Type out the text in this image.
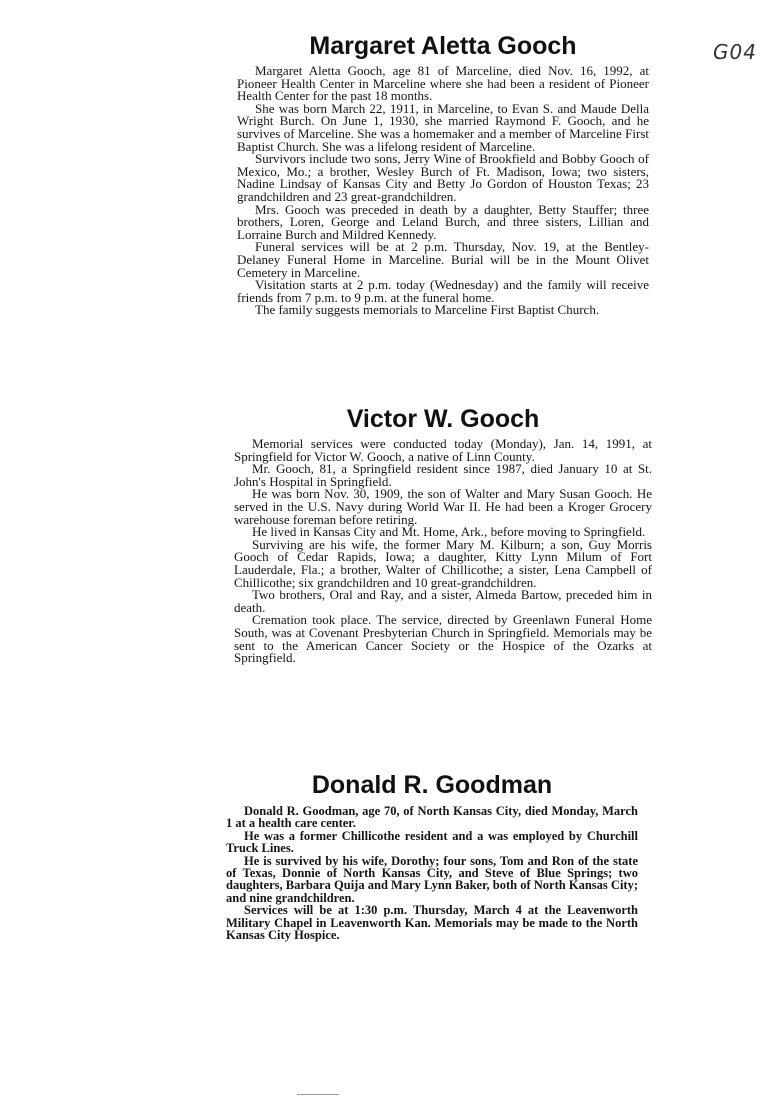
G04
Margaret Aletta Gooch

Margaret Aletta Gooch, age 81 of Marceline, died Nov. 16, 1992, at Pioneer Health Center in Marceline where she had been a resident of Pioneer Health Center for the past 18 months.

She was born March 22, 1911, in Marceline, to Evan S. and Maude Della Wright Burch. On June 1, 1930, she married Raymond F. Gooch, and he survives of Marceline. She was a homemaker and a member of Marceline First Baptist Church. She was a lifelong resident of Marceline.

Survivors include two sons, Jerry Wine of Brookfield and Bobby Gooch of Mexico, Mo.; a brother, Wesley Burch of Ft. Madison, Iowa; two sisters, Nadine Lindsay of Kansas City and Betty Jo Gordon of Houston Texas; 23 grandchildren and 23 great-grandchildren.

Mrs. Gooch was preceded in death by a daughter, Betty Stauffer; three brothers, Loren, George and Leland Burch, and three sisters, Lillian and Lorraine Burch and Mildred Kennedy.

Funeral services will be at 2 p.m. Thursday, Nov. 19, at the Bentley-Delaney Funeral Home in Marceline. Burial will be in the Mount Olivet Cemetery in Marceline.

Visitation starts at 2 p.m. today (Wednesday) and the family will receive friends from 7 p.m. to 9 p.m. at the funeral home.

The family suggests memorials to Marceline First Baptist Church.

Victor W. Gooch

Memorial services were conducted today (Monday), Jan. 14, 1991, at Springfield for Victor W. Gooch, a native of Linn County.

Mr. Gooch, 81, a Springfield resident since 1987, died January 10 at St. John's Hospital in Springfield.

He was born Nov. 30, 1909, the son of Walter and Mary Susan Gooch. He served in the U.S. Navy during World War II. He had been a Kroger Grocery warehouse foreman before retiring.

He lived in Kansas City and Mt. Home, Ark., before moving to Springfield.

Surviving are his wife, the former Mary M. Kilburn; a son, Guy Morris Gooch of Cedar Rapids, Iowa; a daughter, Kitty Lynn Milum of Fort Lauderdale, Fla.; a brother, Walter of Chillicothe; a sister, Lena Campbell of Chillicothe; six grandchildren and 10 great-grandchildren.

Two brothers, Oral and Ray, and a sister, Almeda Bartow, preceded him in death.

Cremation took place. The service, directed by Greenlawn Funeral Home South, was at Covenant Presbyterian Church in Springfield. Memorials may be sent to the American Cancer Society or the Hospice of the Ozarks at Springfield.

Donald R. Goodman

Donald R. Goodman, age 70, of North Kansas City, died Monday, March 1 at a health care center.

He was a former Chillicothe resident and a was employed by Churchill Truck Lines.

He is survived by his wife, Dorothy; four sons, Tom and Ron of the state of Texas, Donnie of North Kansas City, and Steve of Blue Springs; two daughters, Barbara Quija and Mary Lynn Baker, both of North Kansas City; and nine grandchildren.

Services will be at 1:30 p.m. Thursday, March 4 at the Leavenworth Military Chapel in Leavenworth Kan. Memorials may be made to the North Kansas City Hospice.
